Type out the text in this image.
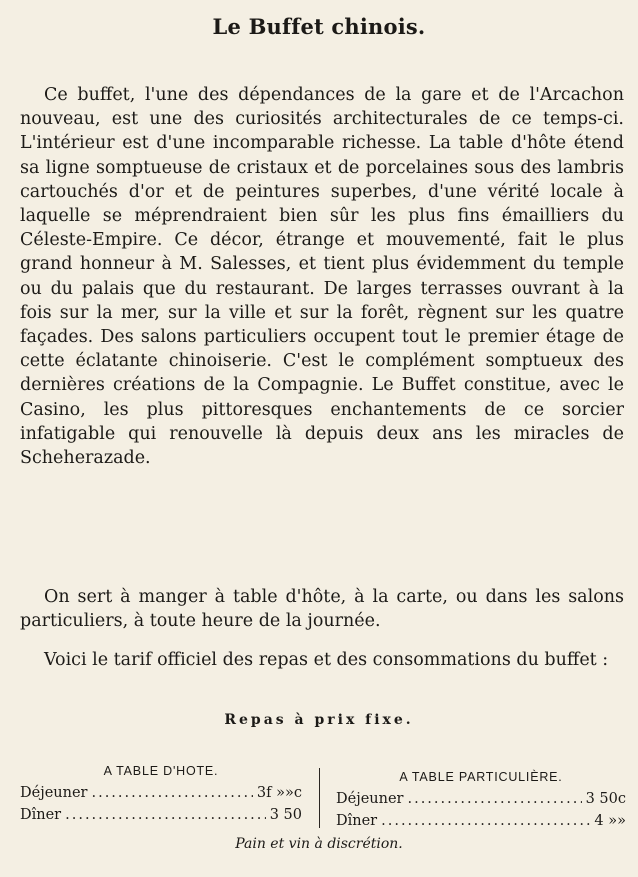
Le Buffet chinois.

Ce buffet, l'une des dépendances de la gare et de l'Arcachon nouveau, est une des curiosités architecturales de ce temps-ci. L'intérieur est d'une incomparable richesse. La table d'hôte étend sa ligne somptueuse de cristaux et de porcelaines sous des lambris cartouchés d'or et de peintures superbes, d'une vérité locale à laquelle se méprendraient bien sûr les plus fins émailliers du Céleste-Empire. Ce décor, étrange et mouvementé, fait le plus grand honneur à M. Salesses, et tient plus évidemment du temple ou du palais que du restaurant. De larges terrasses ouvrant à la fois sur la mer, sur la ville et sur la forêt, règnent sur les quatre façades. Des salons particuliers occupent tout le premier étage de cette éclatante chinoiserie. C'est le complément somptueux des dernières créations de la Compagnie. Le Buffet constitue, avec le Casino, les plus pittoresques enchantements de ce sorcier infatigable qui renouvelle là depuis deux ans les miracles de Scheherazade.

On sert à manger à table d'hôte, à la carte, ou dans les salons particuliers, à toute heure de la journée.

Voici le tarif officiel des repas et des consommations du buffet :

Repas à prix fixe.
A TABLE D'HOTE.
Déjeuner .....	3f »»c
Dîner .....	3 50
A TABLE PARTICULIÈRE.
Déjeuner .....	3 50c
Dîner .....	4 »»
Pain et vin à discrétion.
